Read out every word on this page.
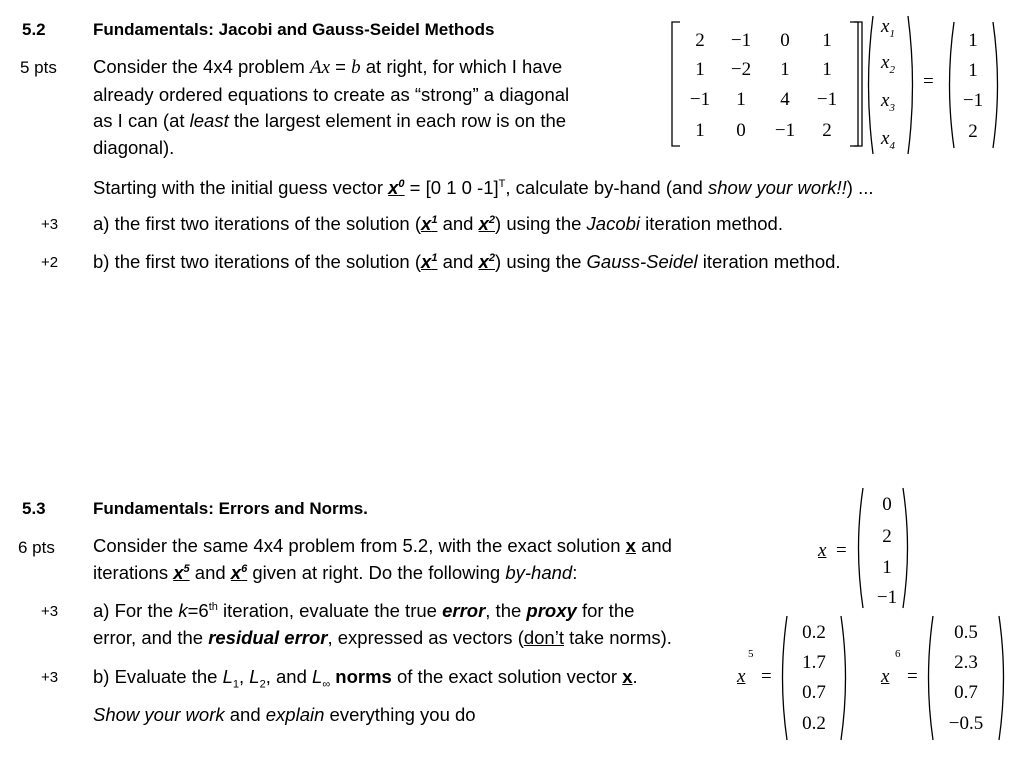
5.2	Fundamentals: Jacobi and Gauss-Seidel Methods
5 pts Consider the 4x4 problem Ax = b at right, for which I have
already ordered equations to create as “strong” a diagonal
as I can (at least the largest element in each row is on the
diagonal).
Starting with the initial guess vector $x^0 = [0$ 1 0 -1]$^T$, calculate by-hand (and show your work!!) ...
+3 a) the first two iterations of the solution ($x^1$ and $x^2$) using the Jacobi iteration method.
+2 b) the first two iterations of the solution ($x^1$ and $x^2$) using the Gauss-Seidel iteration method.
2	−1	0	1
1	−2	1	1
−1	1	4	−1
1	0	−1	2
$x_1$
$x_2$
$x_3$
$x_4$
=
1
1
−1
2
5.3	Fundamentals: Errors and Norms.
6 pts Consider the same 4x4 problem from 5.2, with the exact solution x and
iterations $x^5$ and $x^6$ given at right. Do the following by-hand:
+3 a) For the k=6th iteration, evaluate the true error, the proxy for the
error, and the residual error, expressed as vectors (don’t take norms).
+3 b) Evaluate the $L_1$, $L_2$, and $L_\infty$ norms of the exact solution vector x.
Show your work and explain everything you do
x =
0
2
1
−1
x
5
=
0.2
1.7
0.7
0.2
x
6
=
0.5
2.3
0.7
−0.5
